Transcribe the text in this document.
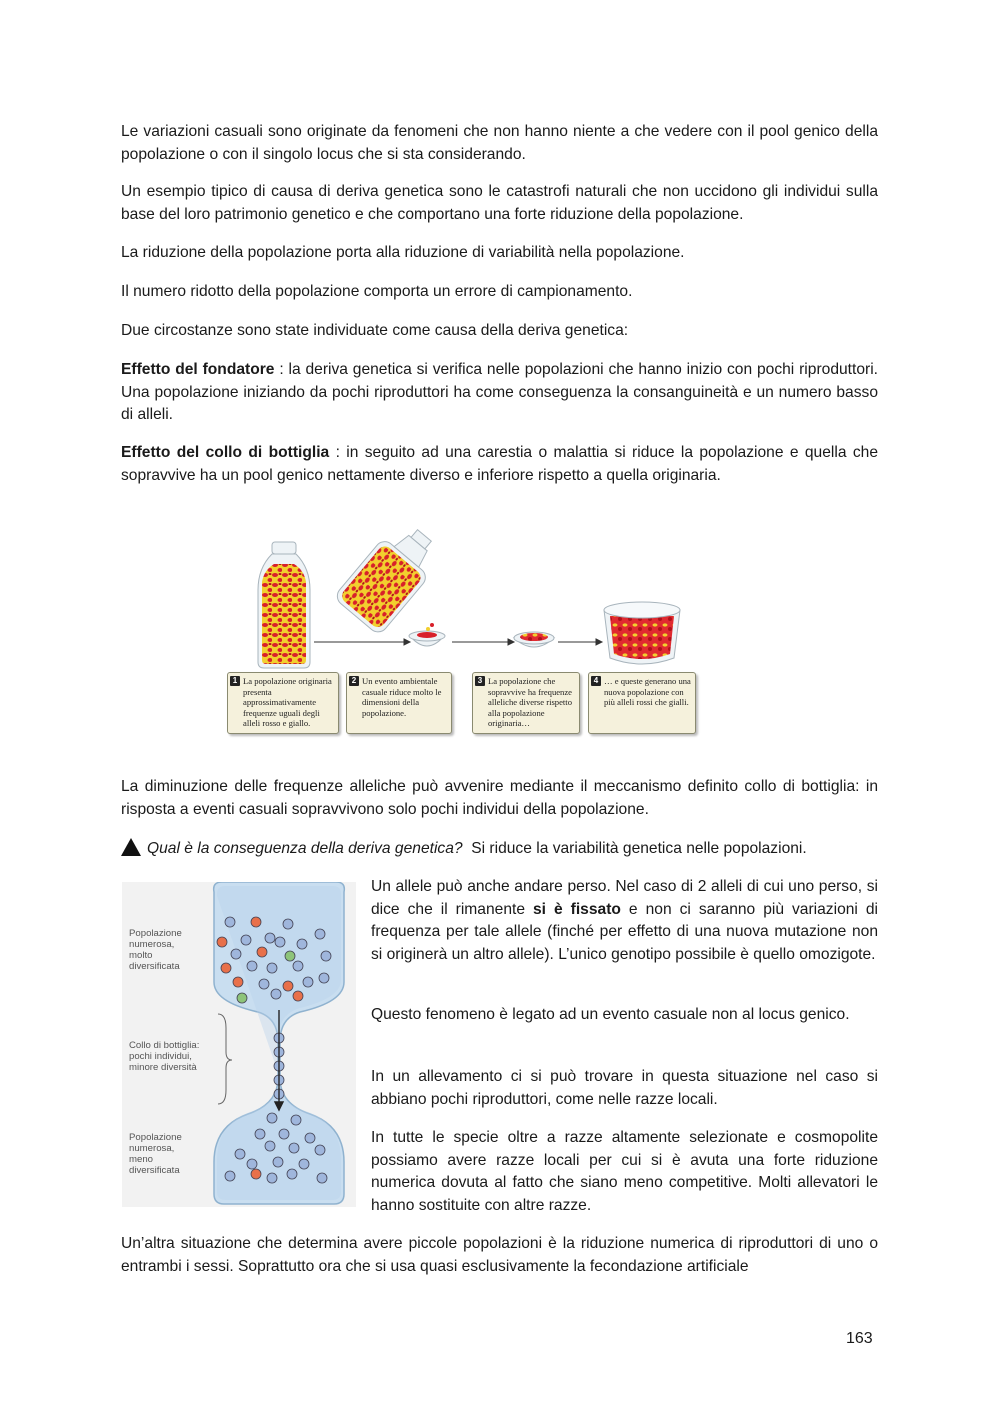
Le variazioni casuali sono originate da fenomeni che non hanno niente a che vedere con il pool genico della popolazione o con il singolo locus che si sta considerando.

Un esempio tipico di causa di deriva genetica sono le catastrofi naturali che non uccidono gli individui sulla base del loro patrimonio genetico e che comportano una forte riduzione della popolazione.

La riduzione della popolazione porta alla riduzione di variabilità nella popolazione.

Il numero ridotto della popolazione comporta un errore di campionamento.

Due circostanze sono state individuate come causa della deriva genetica:

Effetto del fondatore : la deriva genetica si verifica nelle popolazioni che hanno inizio con pochi riproduttori. Una popolazione iniziando da pochi riproduttori ha come conseguenza la consanguineità e un numero basso di alleli.

Effetto del collo di bottiglia : in seguito ad una carestia o malattia si riduce la popolazione e quella che sopravvive ha un pool genico nettamente diverso e inferiore rispetto a quella originaria.

1 La popolazione originaria presenta approssimativamente frequenze uguali degli alleli rosso e giallo.
2 Un evento ambientale casuale riduce molto le dimensioni della popolazione.
3 La popolazione che sopravvive ha frequenze alleliche diverse rispetto alla popolazione originaria…
4 … e queste generano una nuova popolazione con più alleli rossi che gialli.

La diminuzione delle frequenze alleliche può avvenire mediante il meccanismo definito collo di bottiglia: in risposta a eventi casuali sopravvivono solo pochi individui della popolazione.

Qual è la conseguenza della deriva genetica? Si riduce la variabilità genetica nelle popolazioni.
Popolazione
numerosa,
molto
diversificata
Collo di bottiglia:
pochi individui,
minore diversità
Popolazione
numerosa,
meno
diversificata

Un allele può anche andare perso. Nel caso di 2 alleli di cui uno perso, si dice che il rimanente si è fissato e non ci saranno più variazioni di frequenza per tale allele (finché per effetto di una nuova mutazione non si originerà un altro allele). L’unico genotipo possibile è quello omozigote.

Questo fenomeno è legato ad un evento casuale non al locus genico.

In un allevamento ci si può trovare in questa situazione nel caso si abbiano pochi riproduttori, come nelle razze locali.

In tutte le specie oltre a razze altamente selezionate e cosmopolite possiamo avere razze locali per cui si è avuta una forte riduzione numerica dovuta al fatto che siano meno competitive. Molti allevatori le hanno sostituite con altre razze.

Un’altra situazione che determina avere piccole popolazioni è la riduzione numerica di riproduttori di uno o entrambi i sessi. Soprattutto ora che si usa quasi esclusivamente la fecondazione artificiale

163
